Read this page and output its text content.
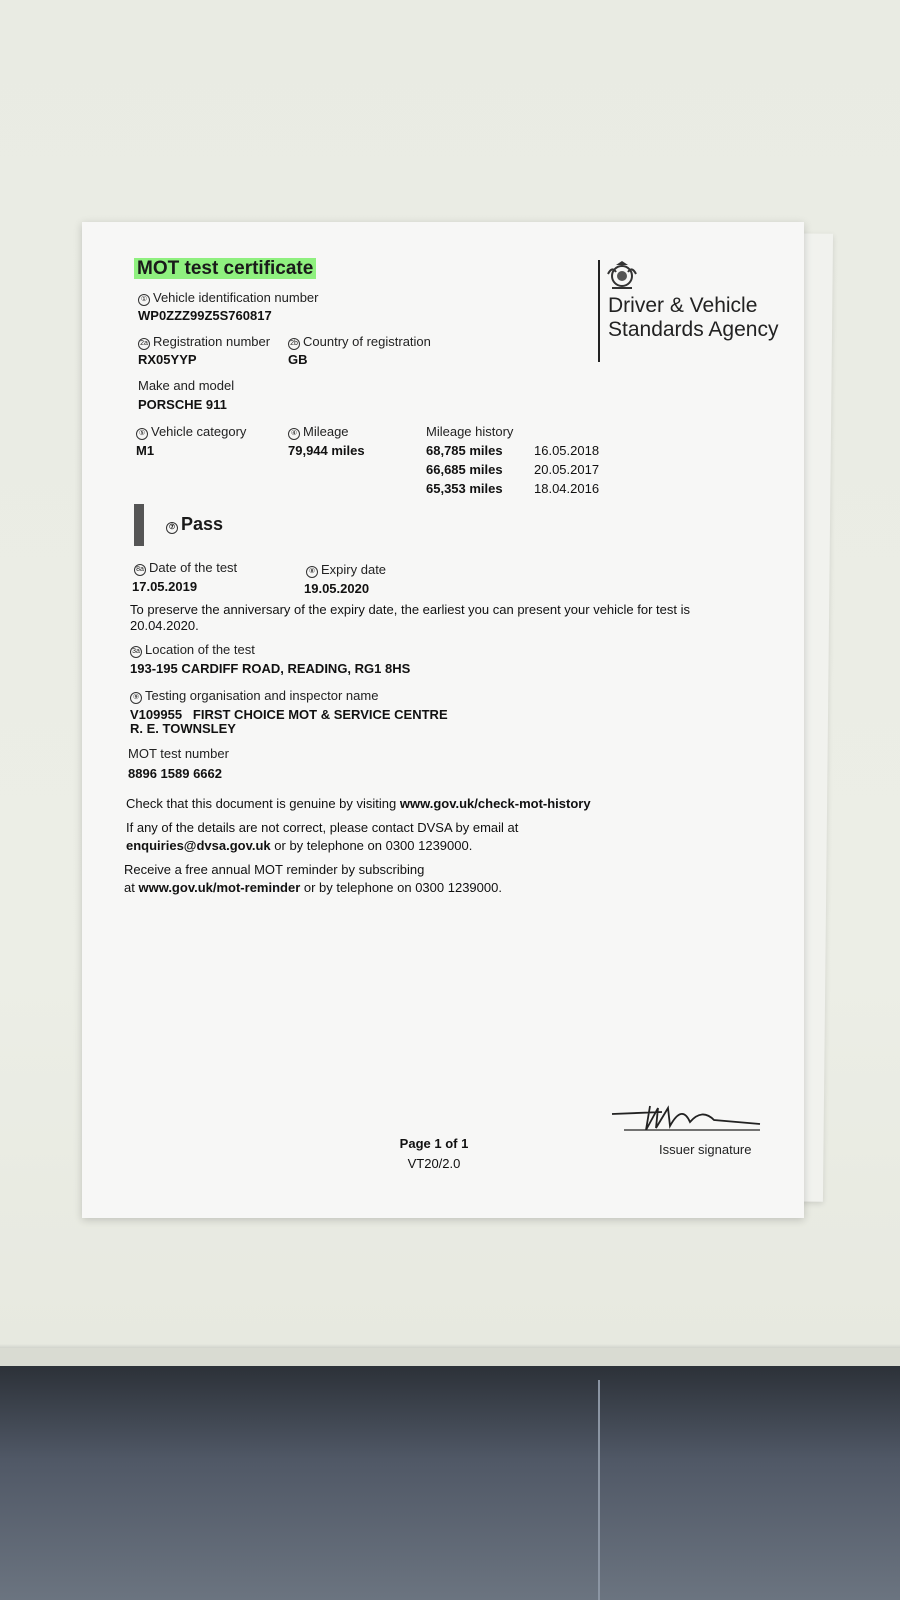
MOT test certificate
Driver & Vehicle Standards Agency
① Vehicle identification number
WP0ZZZ99Z5S760817
2a Registration number
RX05YYP
2b Country of registration
GB
Make and model
PORSCHE 911
⑤ Vehicle category
M1
④ Mileage
79,944 miles
Mileage history
68,785 miles 16.05.2018
66,685 miles 20.05.2017
65,353 miles 18.04.2016
⑦ Pass
8a Date of the test
17.05.2019
⑧ Expiry date
19.05.2020
To preserve the anniversary of the expiry date, the earliest you can present your vehicle for test is
20.04.2020.
3a Location of the test
193-195 CARDIFF ROAD, READING, RG1 8HS
⑨ Testing organisation and inspector name
V109955   FIRST CHOICE MOT & SERVICE CENTRE
R. E. TOWNSLEY
MOT test number
8896 1589 6662
Check that this document is genuine by visiting www.gov.uk/check-mot-history
If any of the details are not correct, please contact DVSA by email at
enquiries@dvsa.gov.uk or by telephone on 0300 1239000.
Receive a free annual MOT reminder by subscribing
at www.gov.uk/mot-reminder or by telephone on 0300 1239000.
Issuer signature
Page 1 of 1
VT20/2.0
